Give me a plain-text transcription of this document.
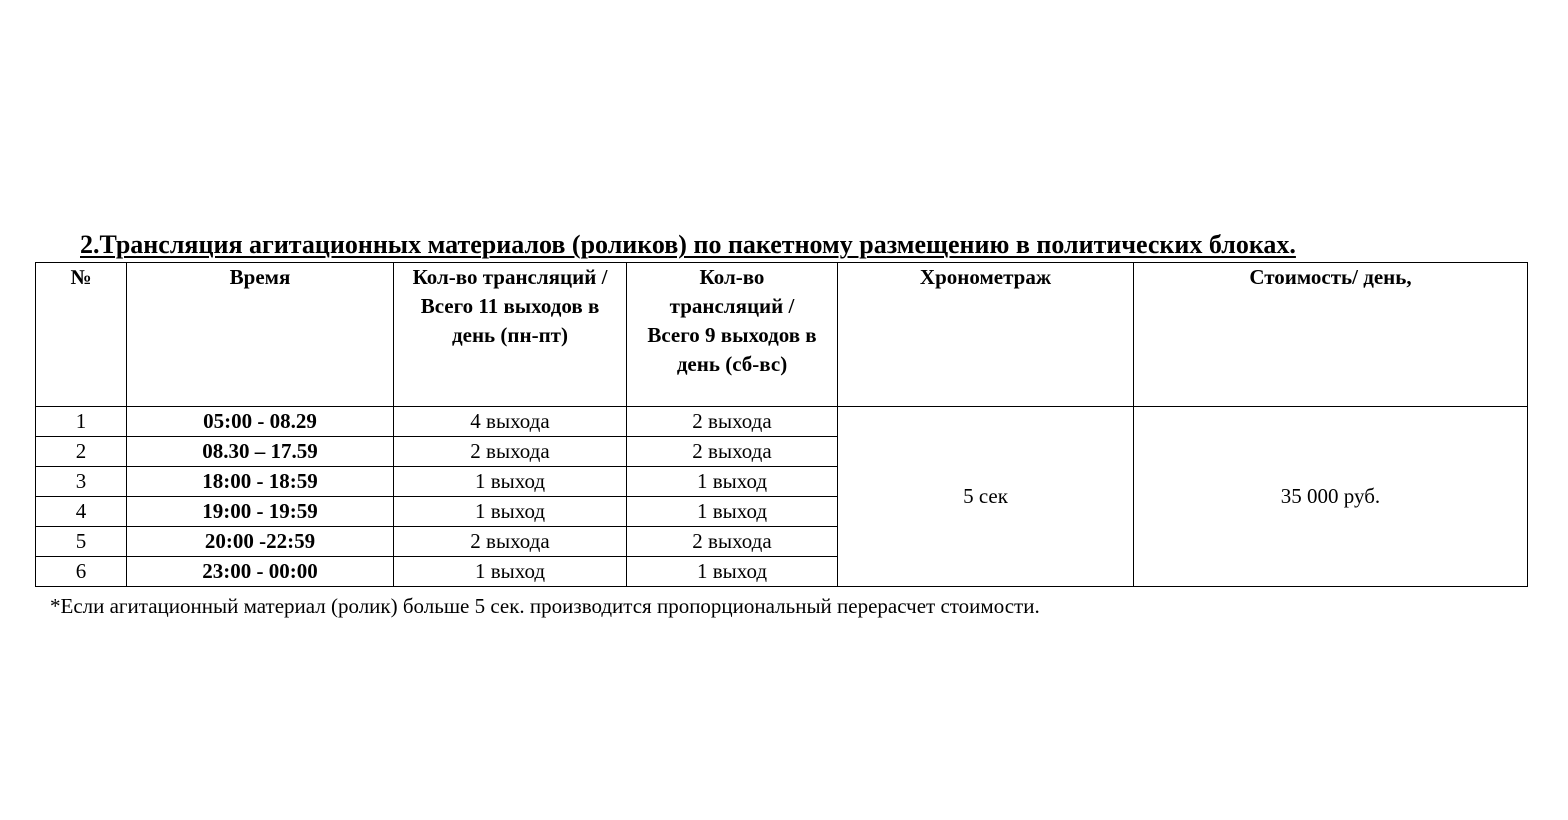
2.Трансляция агитационных материалов (роликов) по пакетному размещению в политических блоках.
№	Время	Кол-во трансляций / Всего 11 выходов в день (пн-пт)	Кол-во трансляций / Всего 9 выходов в день (сб-вс)	Хронометраж	Стоимость/ день,
1	05:00 - 08.29	4 выхода	2 выхода	5 сек	35 000 руб.
2	08.30 – 17.59	2 выхода	2 выхода		
3	18:00 - 18:59	1 выход	1 выход		
4	19:00 - 19:59	1 выход	1 выход		
5	20:00 -22:59	2 выхода	2 выхода		
6	23:00 - 00:00	1 выход	1 выход		

*Если агитационный материал (ролик) больше 5 сек. производится пропорциональный перерасчет стоимости.
